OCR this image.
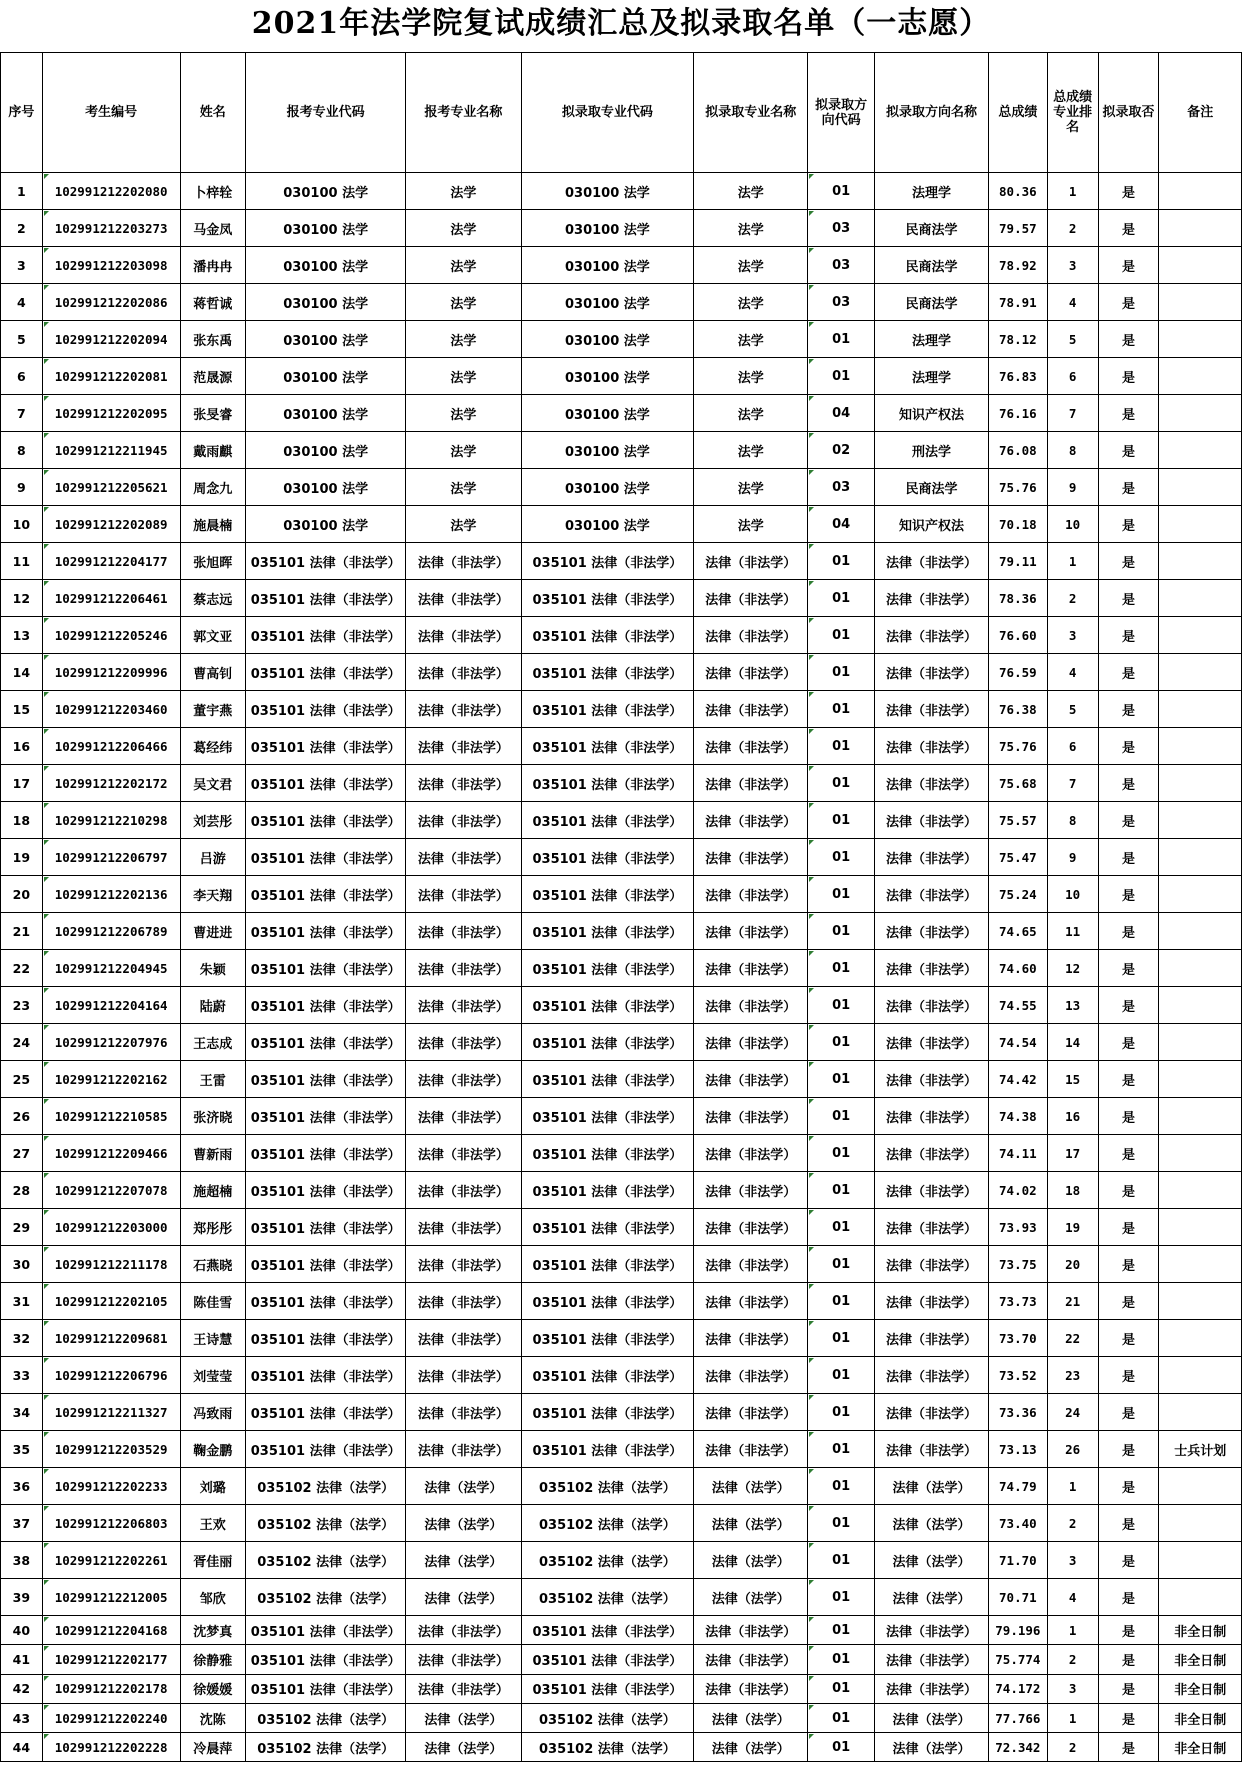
2021年法学院复试成绩汇总及拟录取名单（一志愿）
序号	考生编号	姓名	报考专业代码	报考专业名称	拟录取专业代码	拟录取专业名称	拟录取方向代码	拟录取方向名称	总成绩	总成绩专业排名	拟录取否	备注
1	102991212202080	卜梓辁	030100 法学	法学	030100 法学	法学	01	法理学	80.36	1	是	
2	102991212203273	马金凤	030100 法学	法学	030100 法学	法学	03	民商法学	79.57	2	是	
3	102991212203098	潘冉冉	030100 法学	法学	030100 法学	法学	03	民商法学	78.92	3	是	
4	102991212202086	蒋哲诚	030100 法学	法学	030100 法学	法学	03	民商法学	78.91	4	是	
5	102991212202094	张东禹	030100 法学	法学	030100 法学	法学	01	法理学	78.12	5	是	
6	102991212202081	范晟源	030100 法学	法学	030100 法学	法学	01	法理学	76.83	6	是	
7	102991212202095	张旻睿	030100 法学	法学	030100 法学	法学	04	知识产权法	76.16	7	是	
8	102991212211945	戴雨麒	030100 法学	法学	030100 法学	法学	02	刑法学	76.08	8	是	
9	102991212205621	周念九	030100 法学	法学	030100 法学	法学	03	民商法学	75.76	9	是	
10	102991212202089	施晨楠	030100 法学	法学	030100 法学	法学	04	知识产权法	70.18	10	是	
11	102991212204177	张旭晖	035101 法律（非法学）	法律（非法学）	035101 法律（非法学）	法律（非法学）	01	法律（非法学）	79.11	1	是	
12	102991212206461	蔡志远	035101 法律（非法学）	法律（非法学）	035101 法律（非法学）	法律（非法学）	01	法律（非法学）	78.36	2	是	
13	102991212205246	郭文亚	035101 法律（非法学）	法律（非法学）	035101 法律（非法学）	法律（非法学）	01	法律（非法学）	76.60	3	是	
14	102991212209996	曹高钊	035101 法律（非法学）	法律（非法学）	035101 法律（非法学）	法律（非法学）	01	法律（非法学）	76.59	4	是	
15	102991212203460	董宇燕	035101 法律（非法学）	法律（非法学）	035101 法律（非法学）	法律（非法学）	01	法律（非法学）	76.38	5	是	
16	102991212206466	葛经纬	035101 法律（非法学）	法律（非法学）	035101 法律（非法学）	法律（非法学）	01	法律（非法学）	75.76	6	是	
17	102991212202172	吴文君	035101 法律（非法学）	法律（非法学）	035101 法律（非法学）	法律（非法学）	01	法律（非法学）	75.68	7	是	
18	102991212210298	刘芸彤	035101 法律（非法学）	法律（非法学）	035101 法律（非法学）	法律（非法学）	01	法律（非法学）	75.57	8	是	
19	102991212206797	吕游	035101 法律（非法学）	法律（非法学）	035101 法律（非法学）	法律（非法学）	01	法律（非法学）	75.47	9	是	
20	102991212202136	李天翔	035101 法律（非法学）	法律（非法学）	035101 法律（非法学）	法律（非法学）	01	法律（非法学）	75.24	10	是	
21	102991212206789	曹进进	035101 法律（非法学）	法律（非法学）	035101 法律（非法学）	法律（非法学）	01	法律（非法学）	74.65	11	是	
22	102991212204945	朱颖	035101 法律（非法学）	法律（非法学）	035101 法律（非法学）	法律（非法学）	01	法律（非法学）	74.60	12	是	
23	102991212204164	陆蔚	035101 法律（非法学）	法律（非法学）	035101 法律（非法学）	法律（非法学）	01	法律（非法学）	74.55	13	是	
24	102991212207976	王志成	035101 法律（非法学）	法律（非法学）	035101 法律（非法学）	法律（非法学）	01	法律（非法学）	74.54	14	是	
25	102991212202162	王雷	035101 法律（非法学）	法律（非法学）	035101 法律（非法学）	法律（非法学）	01	法律（非法学）	74.42	15	是	
26	102991212210585	张济晓	035101 法律（非法学）	法律（非法学）	035101 法律（非法学）	法律（非法学）	01	法律（非法学）	74.38	16	是	
27	102991212209466	曹新雨	035101 法律（非法学）	法律（非法学）	035101 法律（非法学）	法律（非法学）	01	法律（非法学）	74.11	17	是	
28	102991212207078	施超楠	035101 法律（非法学）	法律（非法学）	035101 法律（非法学）	法律（非法学）	01	法律（非法学）	74.02	18	是	
29	102991212203000	郑彤彤	035101 法律（非法学）	法律（非法学）	035101 法律（非法学）	法律（非法学）	01	法律（非法学）	73.93	19	是	
30	102991212211178	石燕晓	035101 法律（非法学）	法律（非法学）	035101 法律（非法学）	法律（非法学）	01	法律（非法学）	73.75	20	是	
31	102991212202105	陈佳雪	035101 法律（非法学）	法律（非法学）	035101 法律（非法学）	法律（非法学）	01	法律（非法学）	73.73	21	是	
32	102991212209681	王诗慧	035101 法律（非法学）	法律（非法学）	035101 法律（非法学）	法律（非法学）	01	法律（非法学）	73.70	22	是	
33	102991212206796	刘莹莹	035101 法律（非法学）	法律（非法学）	035101 法律（非法学）	法律（非法学）	01	法律（非法学）	73.52	23	是	
34	102991212211327	冯致雨	035101 法律（非法学）	法律（非法学）	035101 法律（非法学）	法律（非法学）	01	法律（非法学）	73.36	24	是	
35	102991212203529	鞠金鹏	035101 法律（非法学）	法律（非法学）	035101 法律（非法学）	法律（非法学）	01	法律（非法学）	73.13	26	是	士兵计划
36	102991212202233	刘璐	035102 法律（法学）	法律（法学）	035102 法律（法学）	法律（法学）	01	法律（法学）	74.79	1	是	
37	102991212206803	王欢	035102 法律（法学）	法律（法学）	035102 法律（法学）	法律（法学）	01	法律（法学）	73.40	2	是	
38	102991212202261	胥佳丽	035102 法律（法学）	法律（法学）	035102 法律（法学）	法律（法学）	01	法律（法学）	71.70	3	是	
39	102991212212005	邹欣	035102 法律（法学）	法律（法学）	035102 法律（法学）	法律（法学）	01	法律（法学）	70.71	4	是	
40	102991212204168	沈梦真	035101 法律（非法学）	法律（非法学）	035101 法律（非法学）	法律（非法学）	01	法律（非法学）	79.196	1	是	非全日制
41	102991212202177	徐静雅	035101 法律（非法学）	法律（非法学）	035101 法律（非法学）	法律（非法学）	01	法律（非法学）	75.774	2	是	非全日制
42	102991212202178	徐媛媛	035101 法律（非法学）	法律（非法学）	035101 法律（非法学）	法律（非法学）	01	法律（非法学）	74.172	3	是	非全日制
43	102991212202240	沈陈	035102 法律（法学）	法律（法学）	035102 法律（法学）	法律（法学）	01	法律（法学）	77.766	1	是	非全日制
44	102991212202228	冷晨萍	035102 法律（法学）	法律（法学）	035102 法律（法学）	法律（法学）	01	法律（法学）	72.342	2	是	非全日制
